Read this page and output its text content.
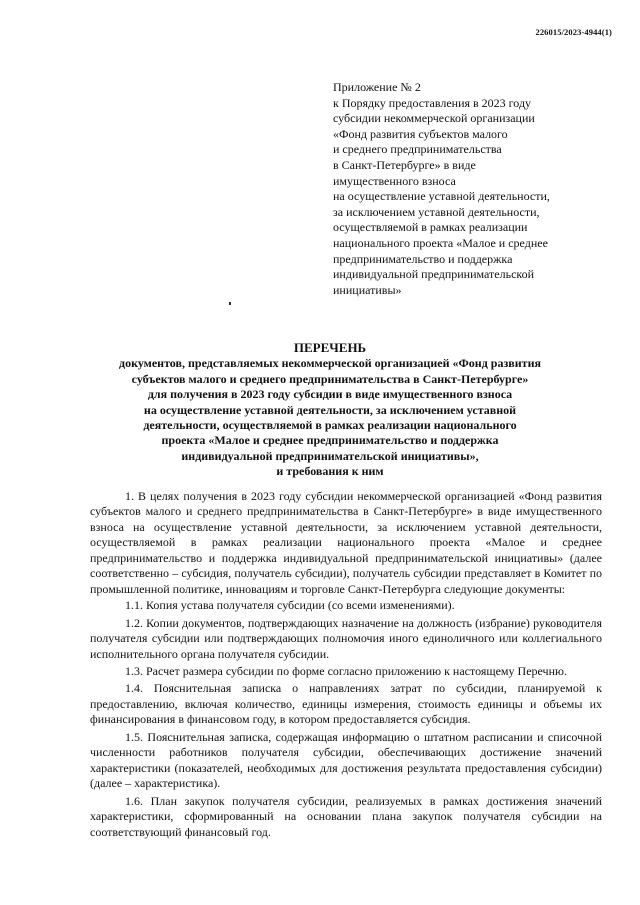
226015/2023-4944(1)
Приложение № 2
к Порядку предоставления в 2023 году
субсидии некоммерческой организации
«Фонд развития субъектов малого
и среднего предпринимательства
в Санкт-Петербурге» в виде
имущественного взноса
на осуществление уставной деятельности,
за исключением уставной деятельности,
осуществляемой в рамках реализации
национального проекта «Малое и среднее
предпринимательство и поддержка
индивидуальной предпринимательской
инициативы»
ПЕРЕЧЕНЬ
документов, представляемых некоммерческой организацией «Фонд развития
субъектов малого и среднего предпринимательства в Санкт-Петербурге»
для получения в 2023 году субсидии в виде имущественного взноса
на осуществление уставной деятельности, за исключением уставной
деятельности, осуществляемой в рамках реализации национального
проекта «Малое и среднее предпринимательство и поддержка
индивидуальной предпринимательской инициативы»,
и требования к ним

1. В целях получения в 2023 году субсидии некоммерческой организацией «Фонд развития субъектов малого и среднего предпринимательства в Санкт-Петербурге» в виде имущественного взноса на осуществление уставной деятельности, за исключением уставной деятельности, осуществляемой в рамках реализации национального проекта «Малое и среднее предпринимательство и поддержка индивидуальной предпринимательской инициативы» (далее соответственно – субсидия, получатель субсидии), получатель субсидии представляет в Комитет по промышленной политике, инновациям и торговле Санкт-Петербурга следующие документы:

1.1. Копия устава получателя субсидии (со всеми изменениями).

1.2. Копии документов, подтверждающих назначение на должность (избрание) руководителя получателя субсидии или подтверждающих полномочия иного единоличного или коллегиального исполнительного органа получателя субсидии.

1.3. Расчет размера субсидии по форме согласно приложению к настоящему Перечню.

1.4. Пояснительная записка о направлениях затрат по субсидии, планируемой к предоставлению, включая количество, единицы измерения, стоимость единицы и объемы их финансирования в финансовом году, в котором предоставляется субсидия.

1.5. Пояснительная записка, содержащая информацию о штатном расписании и списочной численности работников получателя субсидии, обеспечивающих достижение значений характеристики (показателей, необходимых для достижения результата предоставления субсидии) (далее – характеристика).

1.6. План закупок получателя субсидии, реализуемых в рамках достижения значений характеристики, сформированный на основании плана закупок получателя субсидии на соответствующий финансовый год.
